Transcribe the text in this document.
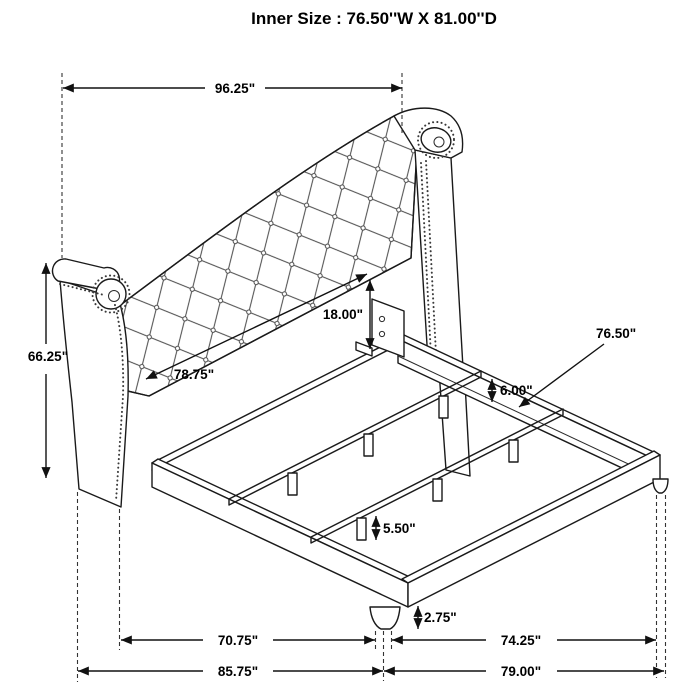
96.25"
66.25"
18.00"
78.75"
6.00"
76.50"
5.50"
2.75"
70.75"	74.25"
85.75"	79.00"
Inner Size : 76.50''W X 81.00''D
